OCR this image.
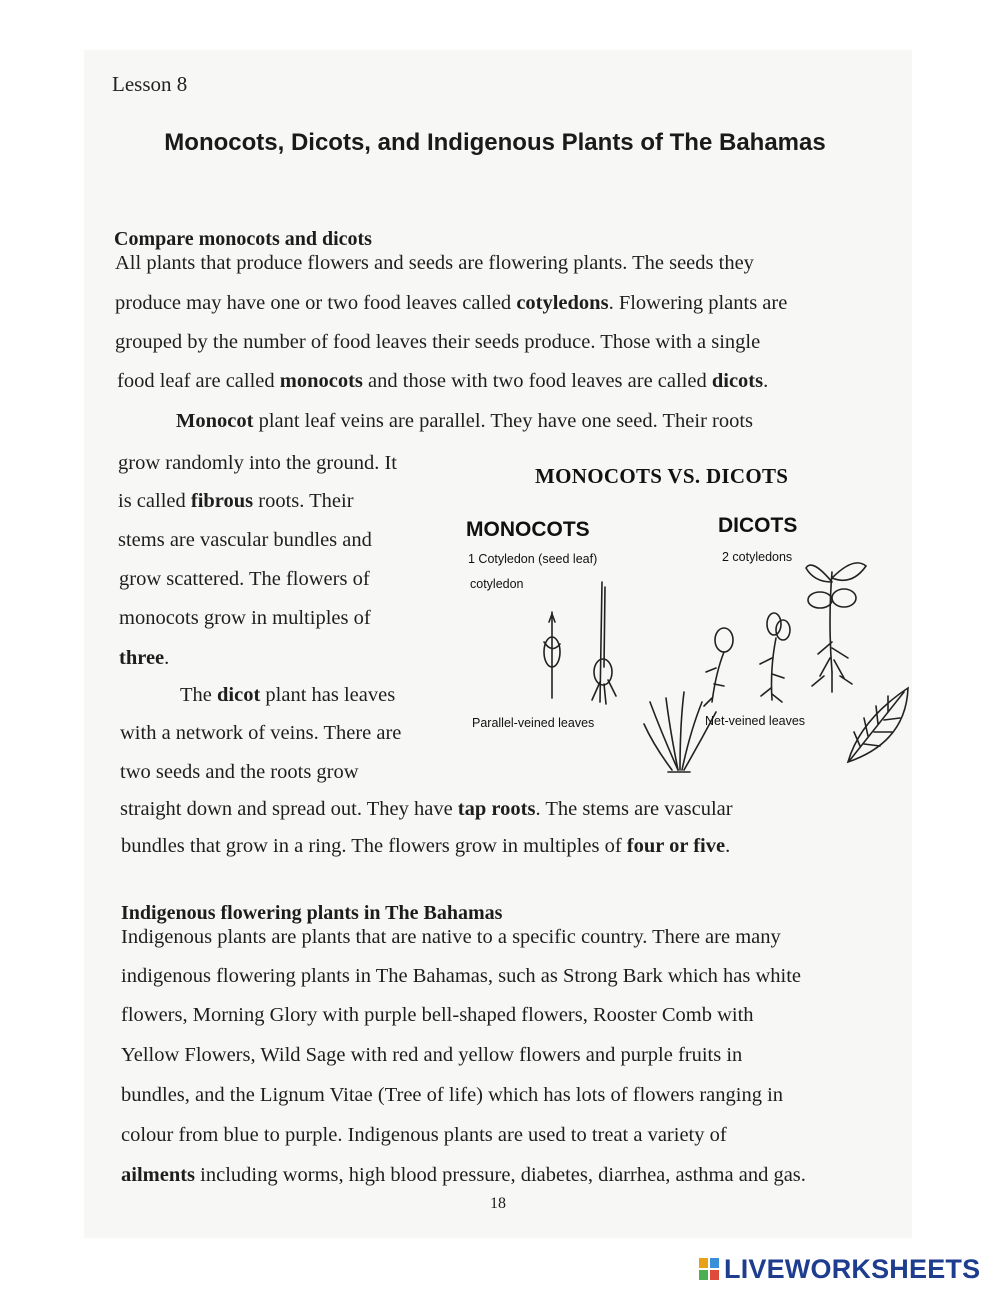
Lesson 8
Monocots, Dicots, and Indigenous Plants of The Bahamas
Compare monocots and dicots
All plants that produce flowers and seeds are flowering plants. The seeds they
produce may have one or two food leaves called cotyledons. Flowering plants are
grouped by the number of food leaves their seeds produce. Those with a single
food leaf are called monocots and those with two food leaves are called dicots.
Monocot plant leaf veins are parallel. They have one seed. Their roots
grow randomly into the ground. It
is called fibrous roots. Their
stems are vascular bundles and
grow scattered. The flowers of
monocots grow in multiples of
three.
The dicot plant has leaves
with a network of veins. There are
two seeds and the roots grow
straight down and spread out. They have tap roots. The stems are vascular
bundles that grow in a ring. The flowers grow in multiples of four or five.
MONOCOTS VS. DICOTS
MONOCOTS	DICOTS
1 Cotyledon (seed leaf)
cotyledon
2 cotyledons
Parallel-veined leaves	Net-veined leaves
Indigenous flowering plants in The Bahamas
Indigenous plants are plants that are native to a specific country. There are many
indigenous flowering plants in The Bahamas, such as Strong Bark which has white
flowers, Morning Glory with purple bell-shaped flowers, Rooster Comb with
Yellow Flowers, Wild Sage with red and yellow flowers and purple fruits in
bundles, and the Lignum Vitae (Tree of life) which has lots of flowers ranging in
colour from blue to purple. Indigenous plants are used to treat a variety of
ailments including worms, high blood pressure, diabetes, diarrhea, asthma and gas.
18
LIVEWORKSHEETS
